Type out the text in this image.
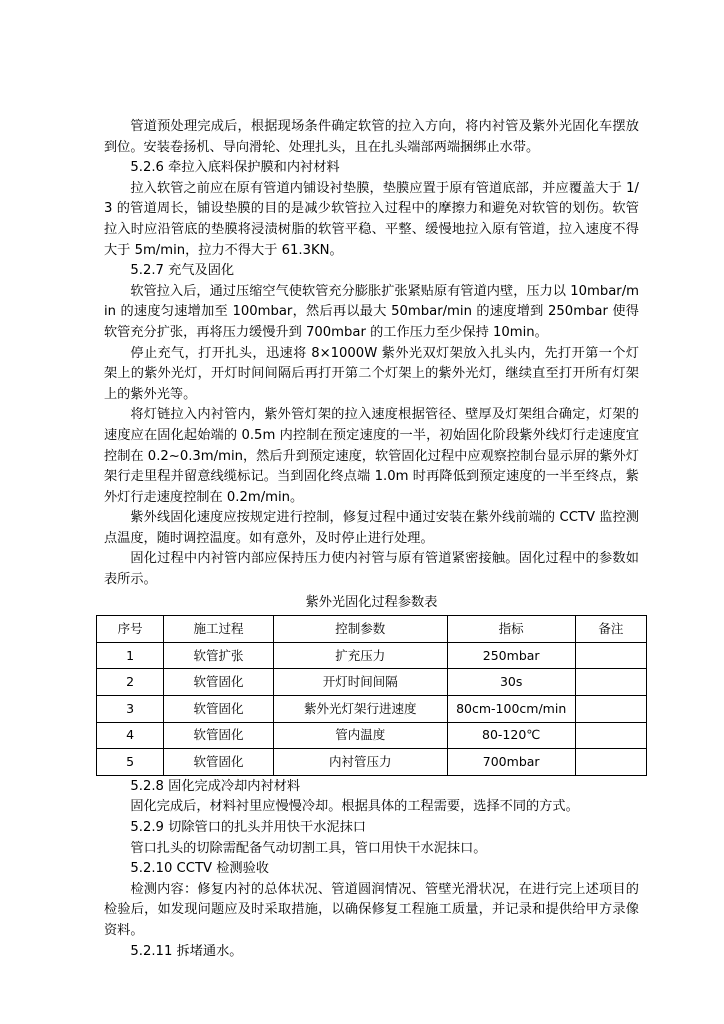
管道预处理完成后，根据现场条件确定软管的拉入方向，将内衬管及紫外光固化车摆放到位。安装卷扬机、导向滑轮、处理扎头，且在扎头端部两端捆绑止水带。

5.2.6 牵拉入底料保护膜和内衬材料

拉入软管之前应在原有管道内铺设衬垫膜，垫膜应置于原有管道底部，并应覆盖大于 1/3 的管道周长，铺设垫膜的目的是减少软管拉入过程中的摩擦力和避免对软管的划伤。软管拉入时应沿管底的垫膜将浸渍树脂的软管平稳、平整、缓慢地拉入原有管道，拉入速度不得大于 5m/min，拉力不得大于 61.3KN。

5.2.7 充气及固化

软管拉入后，通过压缩空气使软管充分膨胀扩张紧贴原有管道内壁，压力以 10mbar/min 的速度匀速增加至 100mbar，然后再以最大 50mbar/min 的速度增到 250mbar 使得软管充分扩张，再将压力缓慢升到 700mbar 的工作压力至少保持 10min。

停止充气，打开扎头，迅速将 8×1000W 紫外光双灯架放入扎头内，先打开第一个灯架上的紫外光灯，开灯时间间隔后再打开第二个灯架上的紫外光灯，继续直至打开所有灯架上的紫外光等。

将灯链拉入内衬管内，紫外管灯架的拉入速度根据管径、壁厚及灯架组合确定，灯架的速度应在固化起始端的 0.5m 内控制在预定速度的一半，初始固化阶段紫外线灯行走速度宜控制在 0.2~0.3m/min，然后升到预定速度，软管固化过程中应观察控制台显示屏的紫外灯架行走里程并留意线缆标记。当到固化终点端 1.0m 时再降低到预定速度的一半至终点，紫外灯行走速度控制在 0.2m/min。

紫外线固化速度应按规定进行控制，修复过程中通过安装在紫外线前端的 CCTV 监控测点温度，随时调控温度。如有意外，及时停止进行处理。

固化过程中内衬管内部应保持压力使内衬管与原有管道紧密接触。固化过程中的参数如表所示。

紫外光固化过程参数表

序号	施工过程	控制参数	指标	备注
1	软管扩张	扩充压力	250mbar	
2	软管固化	开灯时间间隔	30s	
3	软管固化	紫外光灯架行进速度	80cm-100cm/min	
4	软管固化	管内温度	80-120℃	
5	软管固化	内衬管压力	700mbar	

5.2.8 固化完成冷却内衬材料

固化完成后，材料衬里应慢慢冷却。根据具体的工程需要，选择不同的方式。

5.2.9 切除管口的扎头并用快干水泥抹口

管口扎头的切除需配备气动切割工具，管口用快干水泥抹口。

5.2.10 CCTV 检测验收

检测内容：修复内衬的总体状况、管道圆润情况、管壁光滑状况，在进行完上述项目的检验后，如发现问题应及时采取措施，以确保修复工程施工质量，并记录和提供给甲方录像资料。

5.2.11 拆堵通水。
